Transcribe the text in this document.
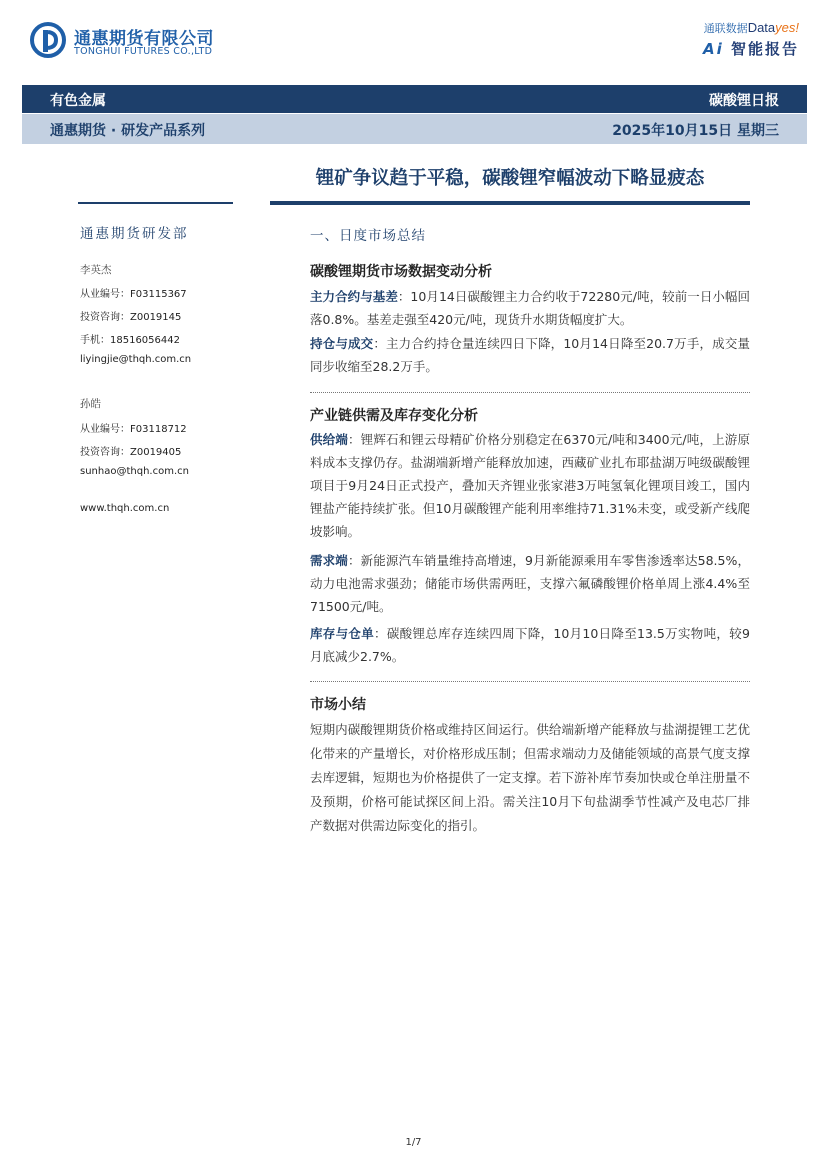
通惠期货有限公司
TONGHUI FUTURES CO.,LTD
通联数据Datayes!
Ai 智能报告
有色金属	碳酸锂日报
通惠期货 · 研发产品系列	2025年10月15日 星期三
锂矿争议趋于平稳，碳酸锂窄幅波动下略显疲态
通惠期货研发部
李英杰
从业编号：F03115367
投资咨询：Z0019145
手机：18516056442
liyingjie@thqh.com.cn
孙皓
从业编号：F03118712
投资咨询：Z0019405
sunhao@thqh.com.cn
www.thqh.com.cn
一、日度市场总结
碳酸锂期货市场数据变动分析
主力合约与基差：10月14日碳酸锂主力合约收于72280元/吨，较前一日小幅回落0.8%。基差走强至420元/吨，现货升水期货幅度扩大。
持仓与成交：主力合约持仓量连续四日下降，10月14日降至20.7万手，成交量同步收缩至28.2万手。
产业链供需及库存变化分析
供给端：锂辉石和锂云母精矿价格分别稳定在6370元/吨和3400元/吨，上游原料成本支撑仍存。盐湖端新增产能释放加速，西藏矿业扎布耶盐湖万吨级碳酸锂项目于9月24日正式投产，叠加天齐锂业张家港3万吨氢氧化锂项目竣工，国内锂盐产能持续扩张。但10月碳酸锂产能利用率维持71.31%未变，或受新产线爬坡影响。
需求端：新能源汽车销量维持高增速，9月新能源乘用车零售渗透率达58.5%，动力电池需求强劲；储能市场供需两旺，支撑六氟磷酸锂价格单周上涨4.4%至71500元/吨。
库存与仓单：碳酸锂总库存连续四周下降，10月10日降至13.5万实物吨，较9月底减少2.7%。
市场小结
短期内碳酸锂期货价格或维持区间运行。供给端新增产能释放与盐湖提锂工艺优化带来的产量增长，对价格形成压制；但需求端动力及储能领域的高景气度支撑去库逻辑，短期也为价格提供了一定支撑。若下游补库节奏加快或仓单注册量不及预期，价格可能试探区间上沿。需关注10月下旬盐湖季节性减产及电芯厂排产数据对供需边际变化的指引。
1/7
